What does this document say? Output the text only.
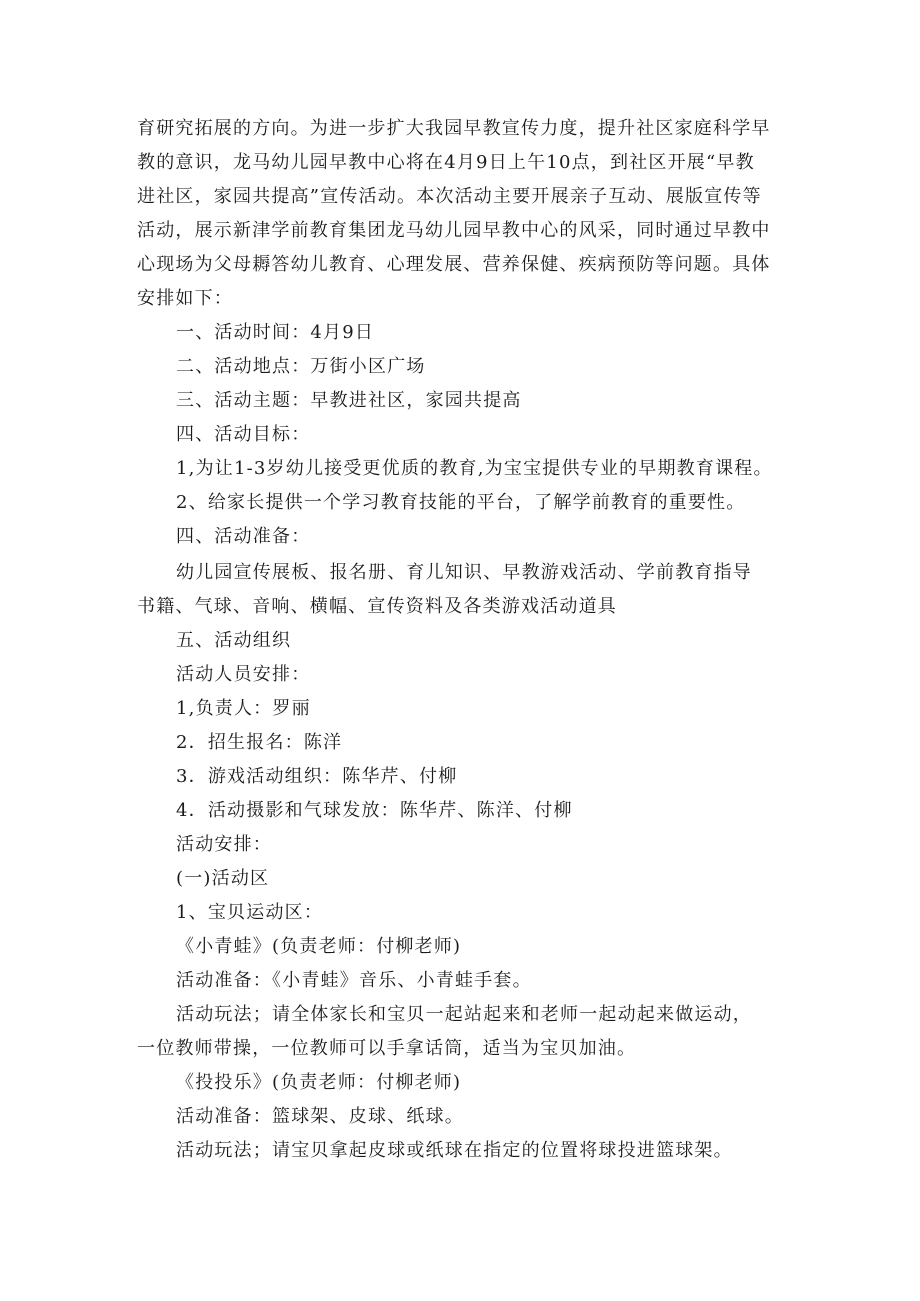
育研究拓展的方向。为进一步扩大我园早教宣传力度，提升社区家庭科学早
教的意识，龙马幼儿园早教中心将在4月9日上午10点，到社区开展“早教
进社区，家园共提高”宣传活动。本次活动主要开展亲子互动、展版宣传等
活动，展示新津学前教育集团龙马幼儿园早教中心的风采，同时通过早教中
心现场为父母耨答幼儿教育、心理发展、营养保健、疾病预防等问题。具体
安排如下：
一、活动时间：4月9日
二、活动地点：万街小区广场
三、活动主题：早教进社区，家园共提高
四、活动目标：
1,为让1-3岁幼儿接受更优质的教育,为宝宝提供专业的早期教育课程。
2、给家长提供一个学习教育技能的平台，了解学前教育的重要性。
四、活动准备：
幼儿园宣传展板、报名册、育儿知识、早教游戏活动、学前教育指导
书籍、气球、音响、横幅、宣传资料及各类游戏活动道具
五、活动组织
活动人员安排：
1,负责人：罗丽
2．招生报名：陈洋
3．游戏活动组织：陈华芹、付柳
4．活动摄影和气球发放：陈华芹、陈洋、付柳
活动安排：
(一)活动区
1、宝贝运动区：
《小青蛙》(负责老师：付柳老师)
活动准备：《小青蛙》音乐、小青蛙手套。
活动玩法；请全体家长和宝贝一起站起来和老师一起动起来做运动，
一位教师带操，一位教师可以手拿话筒，适当为宝贝加油。
《投投乐》(负责老师：付柳老师)
活动准备：篮球架、皮球、纸球。
活动玩法；请宝贝拿起皮球或纸球在指定的位置将球投进篮球架。
